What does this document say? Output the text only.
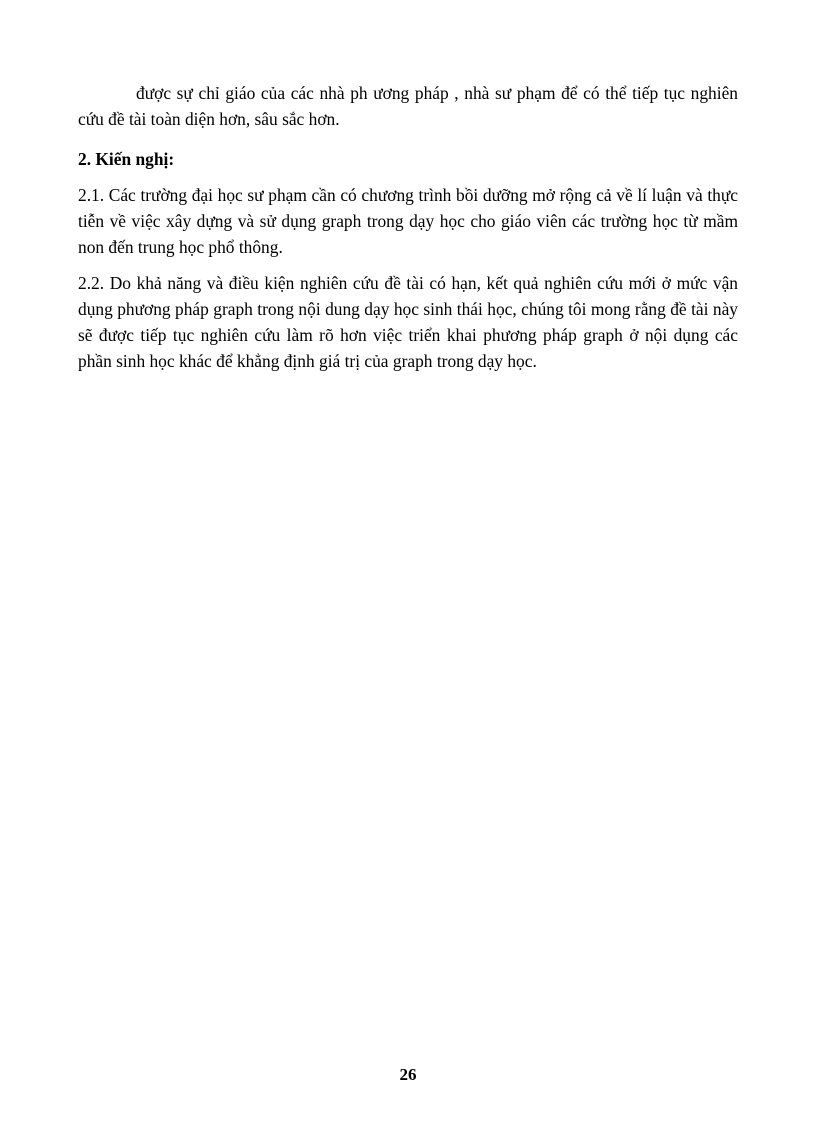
được sự chỉ giáo của các nhà ph ương pháp , nhà sư phạm để có thể tiếp tục nghiên cứu đề tài toàn diện hơn, sâu sắc hơn.

2. Kiến nghị:

2.1. Các trường đại học sư phạm cần có chương trình bồi dưỡng mở rộng cả về lí luận và thực tiễn về việc xây dựng và sử dụng graph trong dạy học cho giáo viên các trường học từ mầm non đến trung học phổ thông.

2.2. Do khả năng và điều kiện nghiên cứu đề tài có hạn, kết quả nghiên cứu mới ở mức vận dụng phương pháp graph trong nội dung dạy học sinh thái học, chúng tôi mong rằng đề tài này sẽ được tiếp tục nghiên cứu làm rõ hơn việc triển khai phương pháp graph ở nội dụng các phần sinh học khác để khẳng định giá trị của graph trong dạy học.

26
